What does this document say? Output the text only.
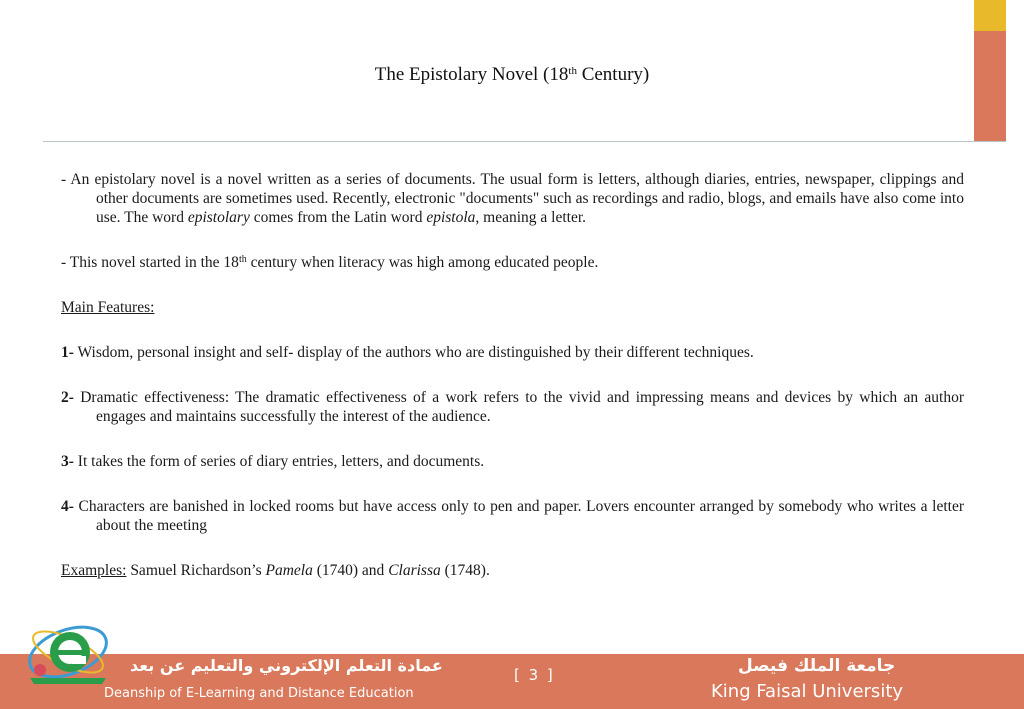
The Epistolary Novel (18th Century)

- An epistolary novel is a novel written as a series of documents. The usual form is letters, although diaries, entries, newspaper, clippings and other documents are sometimes used. Recently, electronic "documents" such as recordings and radio, blogs, and emails have also come into use. The word epistolary comes from the Latin word epistola, meaning a letter.

- This novel started in the 18th century when literacy was high among educated people.

Main Features:

1- Wisdom, personal insight and self- display of the authors who are distinguished by their different techniques.

2- Dramatic effectiveness: The dramatic effectiveness of a work refers to the vivid and impressing means and devices by which an author engages and maintains successfully the interest of the audience.

3- It takes the form of series of diary entries, letters, and documents.

4- Characters are banished in locked rooms but have access only to pen and paper. Lovers encounter arranged by somebody who writes a letter about the meeting

Examples: Samuel Richardson’s Pamela (1740) and Clarissa (1748).

عمادة التعلم الإلكتروني والتعليم عن بعد
Deanship of E-Learning and Distance Education
[ 3 ]	جامعة الملك فيصل
King Faisal University
